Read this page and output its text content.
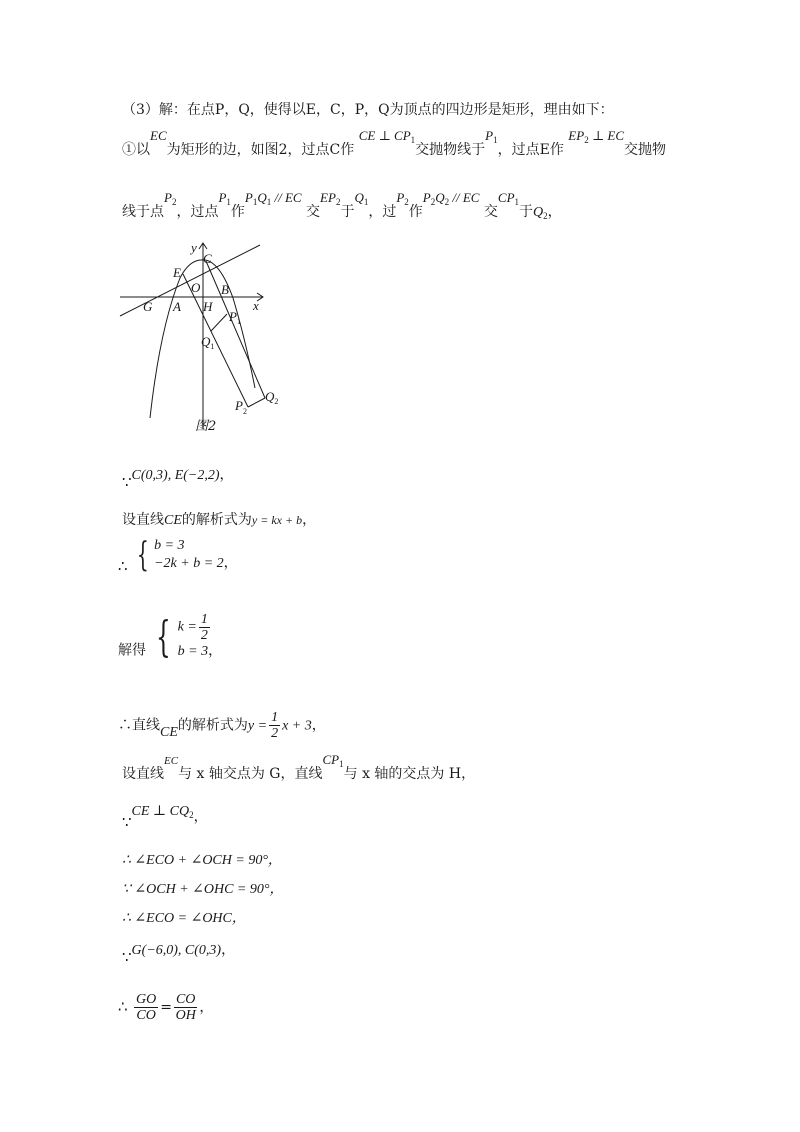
（3）解：在点P，Q，使得以E，C，P，Q为顶点的四边形是矩形，理由如下：
①以EC为矩形的边，如图2，过点C作 CE ⊥ $CP_1$交抛物线于$P_1$，过点E作 $EP_2$ ⊥ EC交抛物
线于点$P_2$，过点$P_1$作$P_1Q_1$ // EC 交$EP_2$于$Q_1$，过$P_2$作$P_2Q_2$ // EC 交$CP_1$于$Q_2$，
y
x
C
E
O B
G A H
$P_1$
$Q_1$
$Q_2$
$P_2$
图2
∵C(0,3), E(−2,2)，
设直线CE的解析式为y = kx + b，
∴ { b = 3
−2k + b = 2，
解得 { $k = \frac{1}{2}$
b = 3，
∴直线CE的解析式为$y = \frac{1}{2}$ x + 3，
设直线$^{EC}$与 x 轴交点为 G，直线$CP_1$与 x 轴的交点为 H，
∵CE ⊥ $CQ_2$，
∴ ∠ECO + ∠OCH = 90°，
∵ ∠OCH + ∠OHC = 90°，
∴ ∠ECO = ∠OHC，
∵G(−6,0), C(0,3)，
∴ $\frac{GO}{CO} = \frac{CO}{OH}$ ，
